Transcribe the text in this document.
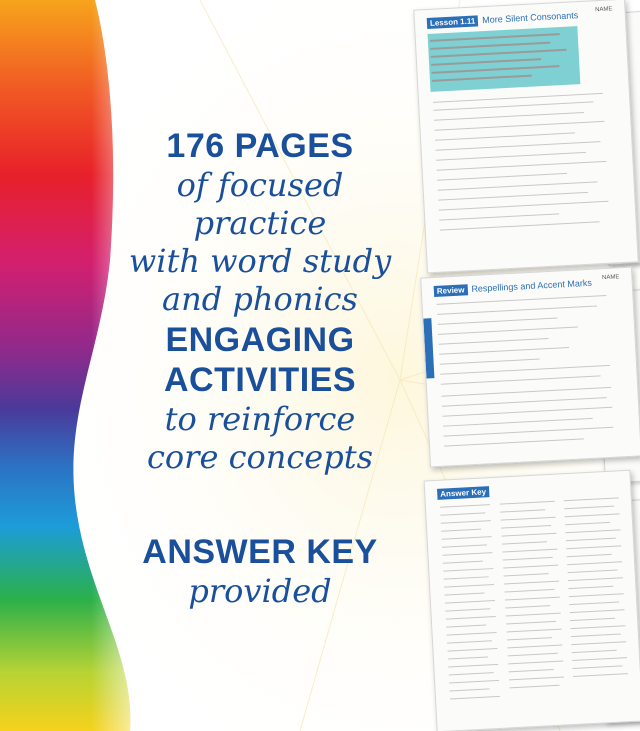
176 PAGES

of focused practice

with word study

and phonics

ENGAGING

ACTIVITIES

to reinforce

core concepts

ANSWER KEY

provided

Lesson 1.11 More Silent Consonants
NAME
Review Respellings and Accent Marks
NAME
Answer Key
